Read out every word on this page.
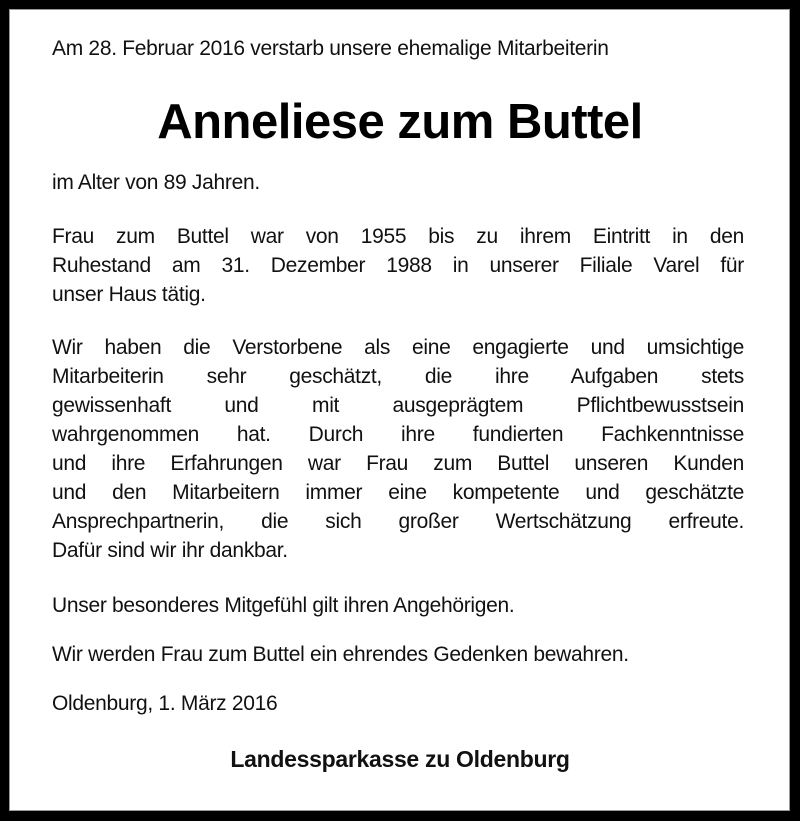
Am 28. Februar 2016 verstarb unsere ehemalige Mitarbeiterin
Anneliese zum Buttel
im Alter von 89 Jahren.
Frau zum Buttel war von 1955 bis zu ihrem Eintritt in den
Ruhestand am 31. Dezember 1988 in unserer Filiale Varel für
unser Haus tätig.
Wir haben die Verstorbene als eine engagierte und umsichtige
Mitarbeiterin sehr geschätzt, die ihre Aufgaben stets
gewissenhaft und mit ausgeprägtem Pflichtbewusstsein
wahrgenommen hat. Durch ihre fundierten Fachkenntnisse
und ihre Erfahrungen war Frau zum Buttel unseren Kunden
und den Mitarbeitern immer eine kompetente und geschätzte
Ansprechpartnerin, die sich großer Wertschätzung erfreute.
Dafür sind wir ihr dankbar.
Unser besonderes Mitgefühl gilt ihren Angehörigen.
Wir werden Frau zum Buttel ein ehrendes Gedenken bewahren.
Oldenburg, 1. März 2016
Landessparkasse zu Oldenburg
